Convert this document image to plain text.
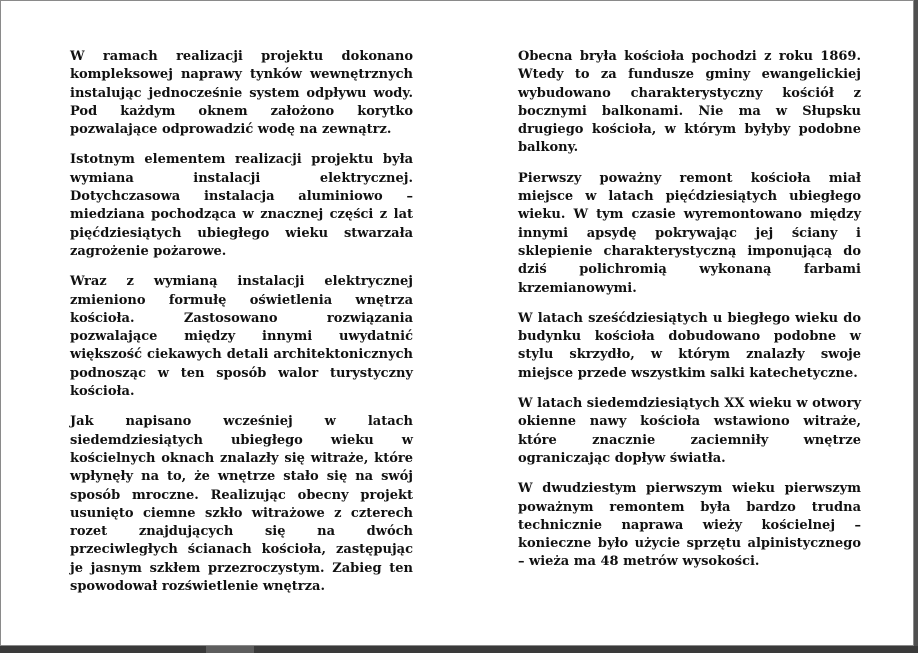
W ramach realizacji projektu dokonano kompleksowej naprawy tynków wewnętrznych instalując jednocześnie system odpływu wody. Pod każdym oknem założono korytko pozwalające odprowadzić wodę na zewnątrz.

Istotnym elementem realizacji projektu była wymiana instalacji elektrycznej. Dotychczasowa instalacja aluminiowo – miedziana pochodząca w znacznej części z lat pięćdziesiątych ubiegłego wieku stwarzała zagrożenie pożarowe.

Wraz z wymianą instalacji elektrycznej zmieniono formułę oświetlenia wnętrza kościoła. Zastosowano rozwiązania pozwalające między innymi uwydatnić większość ciekawych detali architektonicznych podnosząc w ten sposób walor turystyczny kościoła.

Jak napisano wcześniej w latach siedemdziesiątych ubiegłego wieku w kościelnych oknach znalazły się witraże, które wpłynęły na to, że wnętrze stało się na swój sposób mroczne. Realizując obecny projekt usunięto ciemne szkło witrażowe z czterech rozet znajdujących się na dwóch przeciwległych ścianach kościoła, zastępując je jasnym szkłem przezroczystym. Zabieg ten spowodował rozświetlenie wnętrza.

Obecna bryła kościoła pochodzi z roku 1869. Wtedy to za fundusze gminy ewangelickiej wybudowano charakterystyczny kościół z bocznymi balkonami. Nie ma w Słupsku drugiego kościoła, w którym byłyby podobne balkony.

Pierwszy poważny remont kościoła miał miejsce w latach pięćdziesiątych ubiegłego wieku. W tym czasie wyremontowano między innymi apsydę pokrywając jej ściany i sklepienie charakterystyczną imponującą do dziś polichromią wykonaną farbami krzemianowymi.

W latach sześćdziesiątych u biegłego wieku do budynku kościoła dobudowano podobne w stylu skrzydło, w którym znalazły swoje miejsce przede wszystkim salki katechetyczne.

W latach siedemdziesiątych XX wieku w otwory okienne nawy kościoła wstawiono witraże, które znacznie zaciemniły wnętrze ograniczając dopływ światła.

W dwudziestym pierwszym wieku pierwszym poważnym remontem była bardzo trudna technicznie naprawa wieży kościelnej – konieczne było użycie sprzętu alpinistycznego – wieża ma 48 metrów wysokości.
